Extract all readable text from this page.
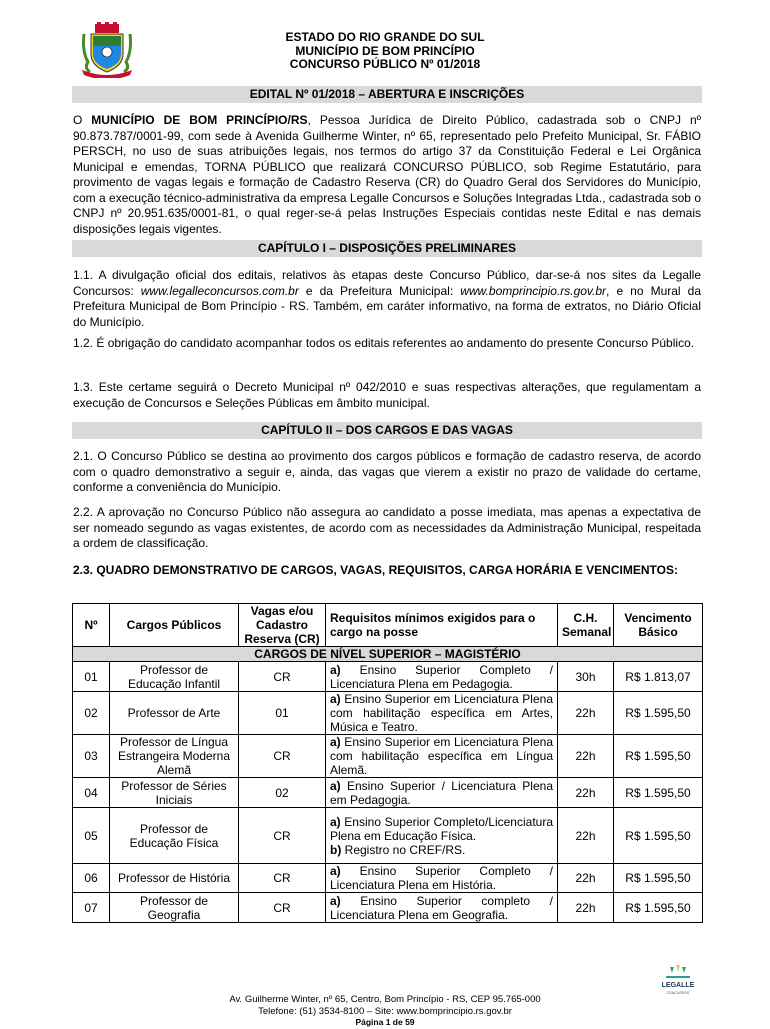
ESTADO DO RIO GRANDE DO SUL
MUNICÍPIO DE BOM PRINCÍPIO
CONCURSO PÚBLICO Nº 01/2018
EDITAL Nº 01/2018 – ABERTURA E INSCRIÇÕES
O MUNICÍPIO DE BOM PRINCÍPIO/RS, Pessoa Jurídica de Direito Público, cadastrada sob o CNPJ nº 90.873.787/0001-99, com sede à Avenida Guilherme Winter, nº 65, representado pelo Prefeito Municipal, Sr. FÁBIO PERSCH, no uso de suas atribuições legais, nos termos do artigo 37 da Constituição Federal e Lei Orgânica Municipal e emendas, TORNA PÚBLICO que realizará CONCURSO PÚBLICO, sob Regime Estatutário, para provimento de vagas legais e formação de Cadastro Reserva (CR) do Quadro Geral dos Servidores do Município, com a execução técnico-administrativa da empresa Legalle Concursos e Soluções Integradas Ltda., cadastrada sob o CNPJ nº 20.951.635/0001-81, o qual reger-se-á pelas Instruções Especiais contidas neste Edital e nas demais disposições legais vigentes.
CAPÍTULO I – DISPOSIÇÕES PRELIMINARES
1.1. A divulgação oficial dos editais, relativos às etapas deste Concurso Público, dar-se-á nos sites da Legalle Concursos: www.legalleconcursos.com.br e da Prefeitura Municipal: www.bomprincipio.rs.gov.br, e no Mural da Prefeitura Municipal de Bom Princípio - RS. Também, em caráter informativo, na forma de extratos, no Diário Oficial do Município.
1.2. É obrigação do candidato acompanhar todos os editais referentes ao andamento do presente Concurso Público.
1.3. Este certame seguirá o Decreto Municipal nº 042/2010 e suas respectivas alterações, que regulamentam a execução de Concursos e Seleções Públicas em âmbito municipal.
CAPÍTULO II – DOS CARGOS E DAS VAGAS
2.1. O Concurso Público se destina ao provimento dos cargos públicos e formação de cadastro reserva, de acordo com o quadro demonstrativo a seguir e, ainda, das vagas que vierem a existir no prazo de validade do certame, conforme a conveniência do Município.
2.2. A aprovação no Concurso Público não assegura ao candidato a posse imediata, mas apenas a expectativa de ser nomeado segundo as vagas existentes, de acordo com as necessidades da Administração Municipal, respeitada a ordem de classificação.
2.3. QUADRO DEMONSTRATIVO DE CARGOS, VAGAS, REQUISITOS, CARGA HORÁRIA E VENCIMENTOS:
Nº	Cargos Públicos	Vagas e/ou Cadastro Reserva (CR)	Requisitos mínimos exigidos para o cargo na posse	C.H. Semanal	Vencimento Básico
CARGOS DE NÍVEL SUPERIOR – MAGISTÉRIO					
01	Professor de Educação Infantil	CR	a) Ensino Superior Completo / Licenciatura Plena em Pedagogia.	30h	R$ 1.813,07
02	Professor de Arte	01	a) Ensino Superior em Licenciatura Plena com habilitação específica em Artes, Música e Teatro.	22h	R$ 1.595,50
03	Professor de Língua Estrangeira Moderna Alemã	CR	a) Ensino Superior em Licenciatura Plena com habilitação específica em Língua Alemã.	22h	R$ 1.595,50
04	Professor de Séries Iniciais	02	a) Ensino Superior / Licenciatura Plena em Pedagogia.	22h	R$ 1.595,50
05	Professor de Educação Física	CR	a) Ensino Superior Completo/Licenciatura Plena em Educação Física.
b) Registro no CREF/RS.	22h	R$ 1.595,50
06	Professor de História	CR	a) Ensino Superior Completo / Licenciatura Plena em História.	22h	R$ 1.595,50
07	Professor de Geografia	CR	a) Ensino Superior completo / Licenciatura Plena em Geografia.	22h	R$ 1.595,50
Av. Guilherme Winter, nº 65, Centro, Bom Princípio - RS, CEP 95.765-000
Telefone: (51) 3534-8100 – Site: www.bomprincipio.rs.gov.br
Página 1 de 59
LEGALLE
CONCURSOS
